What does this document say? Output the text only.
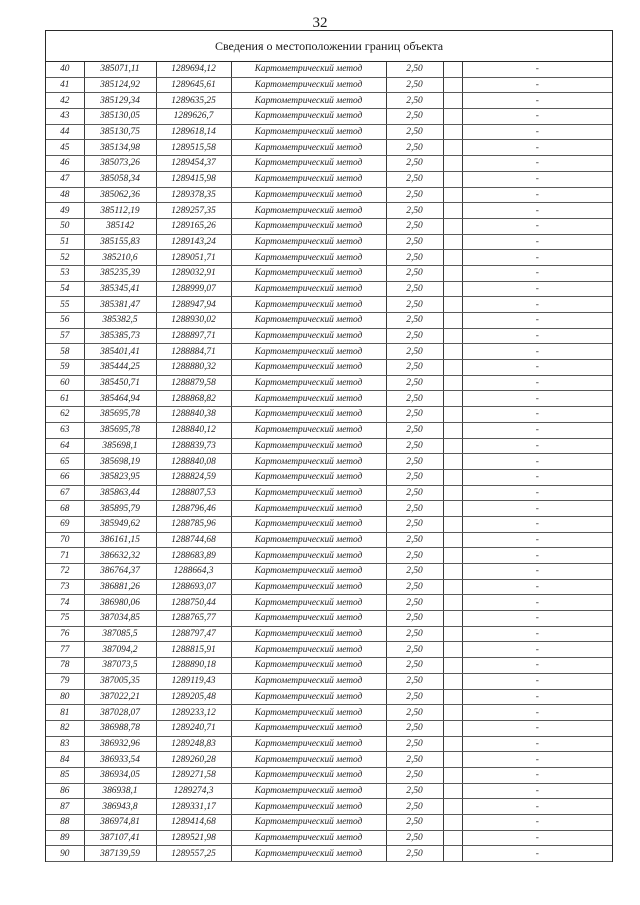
32
Сведения о местоположении границ объекта
40	385071,11	1289694,12	Картометрический метод	2,50		-
41	385124,92	1289645,61	Картометрический метод	2,50		-
42	385129,34	1289635,25	Картометрический метод	2,50		-
43	385130,05	1289626,7	Картометрический метод	2,50		-
44	385130,75	1289618,14	Картометрический метод	2,50		-
45	385134,98	1289515,58	Картометрический метод	2,50		-
46	385073,26	1289454,37	Картометрический метод	2,50		-
47	385058,34	1289415,98	Картометрический метод	2,50		-
48	385062,36	1289378,35	Картометрический метод	2,50		-
49	385112,19	1289257,35	Картометрический метод	2,50		-
50	385142	1289165,26	Картометрический метод	2,50		-
51	385155,83	1289143,24	Картометрический метод	2,50		-
52	385210,6	1289051,71	Картометрический метод	2,50		-
53	385235,39	1289032,91	Картометрический метод	2,50		-
54	385345,41	1288999,07	Картометрический метод	2,50		-
55	385381,47	1288947,94	Картометрический метод	2,50		-
56	385382,5	1288930,02	Картометрический метод	2,50		-
57	385385,73	1288897,71	Картометрический метод	2,50		-
58	385401,41	1288884,71	Картометрический метод	2,50		-
59	385444,25	1288880,32	Картометрический метод	2,50		-
60	385450,71	1288879,58	Картометрический метод	2,50		-
61	385464,94	1288868,82	Картометрический метод	2,50		-
62	385695,78	1288840,38	Картометрический метод	2,50		-
63	385695,78	1288840,12	Картометрический метод	2,50		-
64	385698,1	1288839,73	Картометрический метод	2,50		-
65	385698,19	1288840,08	Картометрический метод	2,50		-
66	385823,95	1288824,59	Картометрический метод	2,50		-
67	385863,44	1288807,53	Картометрический метод	2,50		-
68	385895,79	1288796,46	Картометрический метод	2,50		-
69	385949,62	1288785,96	Картометрический метод	2,50		-
70	386161,15	1288744,68	Картометрический метод	2,50		-
71	386632,32	1288683,89	Картометрический метод	2,50		-
72	386764,37	1288664,3	Картометрический метод	2,50		-
73	386881,26	1288693,07	Картометрический метод	2,50		-
74	386980,06	1288750,44	Картометрический метод	2,50		-
75	387034,85	1288765,77	Картометрический метод	2,50		-
76	387085,5	1288797,47	Картометрический метод	2,50		-
77	387094,2	1288815,91	Картометрический метод	2,50		-
78	387073,5	1288890,18	Картометрический метод	2,50		-
79	387005,35	1289119,43	Картометрический метод	2,50		-
80	387022,21	1289205,48	Картометрический метод	2,50		-
81	387028,07	1289233,12	Картометрический метод	2,50		-
82	386988,78	1289240,71	Картометрический метод	2,50		-
83	386932,96	1289248,83	Картометрический метод	2,50		-
84	386933,54	1289260,28	Картометрический метод	2,50		-
85	386934,05	1289271,58	Картометрический метод	2,50		-
86	386938,1	1289274,3	Картометрический метод	2,50		-
87	386943,8	1289331,17	Картометрический метод	2,50		-
88	386974,81	1289414,68	Картометрический метод	2,50		-
89	387107,41	1289521,98	Картометрический метод	2,50		-
90	387139,59	1289557,25	Картометрический метод	2,50		-
